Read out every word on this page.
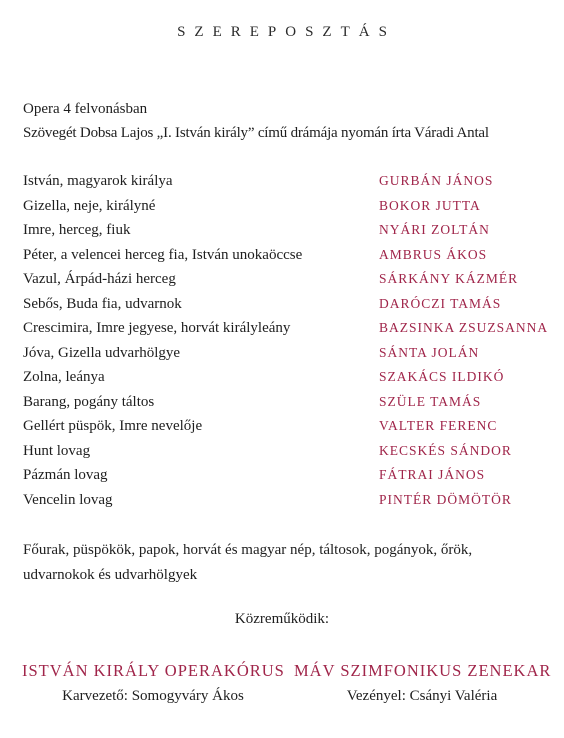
SZEREPOSZTÁS
Opera 4 felvonásban
Szövegét Dobsa Lajos „I. István király” című drámája nyomán írta Váradi Antal
István, magyarok királya	GURBÁN JÁNOS
Gizella, neje, királyné	BOKOR JUTTA
Imre, herceg, fiuk	NYÁRI ZOLTÁN
Péter, a velencei herceg fia, István unokaöccse	AMBRUS ÁKOS
Vazul, Árpád-házi herceg	SÁRKÁNY KÁZMÉR
Sebős, Buda fia, udvarnok	DARÓCZI TAMÁS
Crescimira, Imre jegyese, horvát királyleány	BAZSINKA ZSUZSANNA
Jóva, Gizella udvarhölgye	SÁNTA JOLÁN
Zolna, leánya	SZAKÁCS ILDIKÓ
Barang, pogány táltos	SZÜLE TAMÁS
Gellért püspök, Imre nevelője	VALTER FERENC
Hunt lovag	KECSKÉS SÁNDOR
Pázmán lovag	FÁTRAI JÁNOS
Vencelin lovag	PINTÉR DÖMÖTÖR
Főurak, püspökök, papok, horvát és magyar nép, táltosok, pogányok, őrök, udvarnokok és udvarhölgyek
Közreműködik:
ISTVÁN KIRÁLY OPERAKÓRUS
Karvezető: Somogyváry Ákos
MÁV SZIMFONIKUS ZENEKAR
Vezényel: Csányi Valéria
